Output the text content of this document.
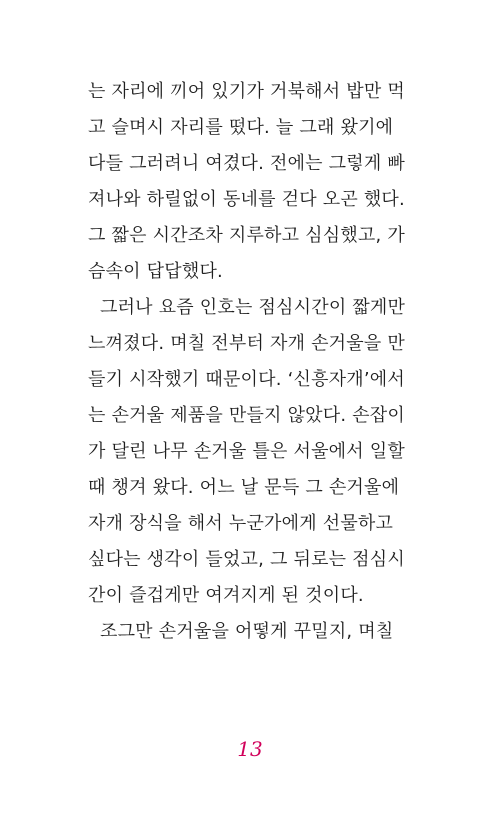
는 자리에 끼어 있기가 거북해서 밥만 먹
고 슬며시 자리를 떴다. 늘 그래 왔기에
다들 그러려니 여겼다. 전에는 그렇게 빠
져나와 하릴없이 동네를 걷다 오곤 했다.
그 짧은 시간조차 지루하고 심심했고, 가
슴속이 답답했다.
그러나 요즘 인호는 점심시간이 짧게만
느껴졌다. 며칠 전부터 자개 손거울을 만
들기 시작했기 때문이다. ‘신흥자개’에서
는 손거울 제품을 만들지 않았다. 손잡이
가 달린 나무 손거울 틀은 서울에서 일할
때 챙겨 왔다. 어느 날 문득 그 손거울에
자개 장식을 해서 누군가에게 선물하고
싶다는 생각이 들었고, 그 뒤로는 점심시
간이 즐겁게만 여겨지게 된 것이다.
조그만 손거울을 어떻게 꾸밀지, 며칠
13
